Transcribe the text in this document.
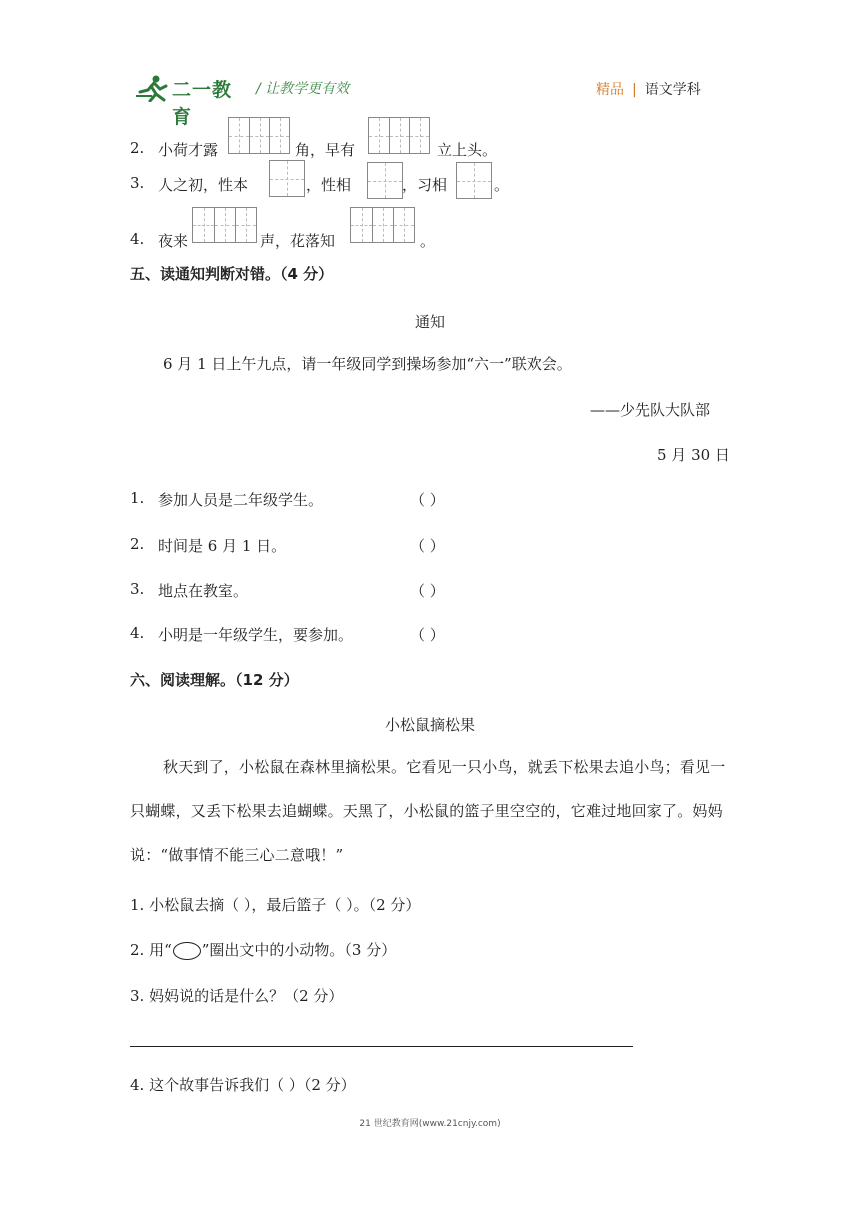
二一教育
/ 让教学更有效	精品 | 语文学科
2. 小荷才露	角，早有	立上头。
3. 人之初，性本	，性相	，习相	。
4. 夜来	声，花落知	。
五、读通知判断对错。（4 分）
通知
6 月 1 日上午九点，请一年级同学到操场参加“六一”联欢会。
——少先队大队部
5 月 30 日
1. 参加人员是二年级学生。	（ ）
2. 时间是 6 月 1 日。	（ ）
3. 地点在教室。	（ ）
4. 小明是一年级学生，要参加。	（ ）
六、阅读理解。（12 分）
小松鼠摘松果
秋天到了，小松鼠在森林里摘松果。它看见一只小鸟，就丢下松果去追小鸟；看见一只蝴蝶，又丢下松果去追蝴蝶。天黑了，小松鼠的篮子里空空的，它难过地回家了。妈妈说：“做事情不能三心二意哦！”
1. 小松鼠去摘（ ），最后篮子（ ）。（2 分）
2. 用“○”圈出文中的小动物。（3 分）
3. 妈妈说的话是什么？（2 分）
4. 这个故事告诉我们（ ）（2 分）
21 世纪教育网(www.21cnjy.com)
